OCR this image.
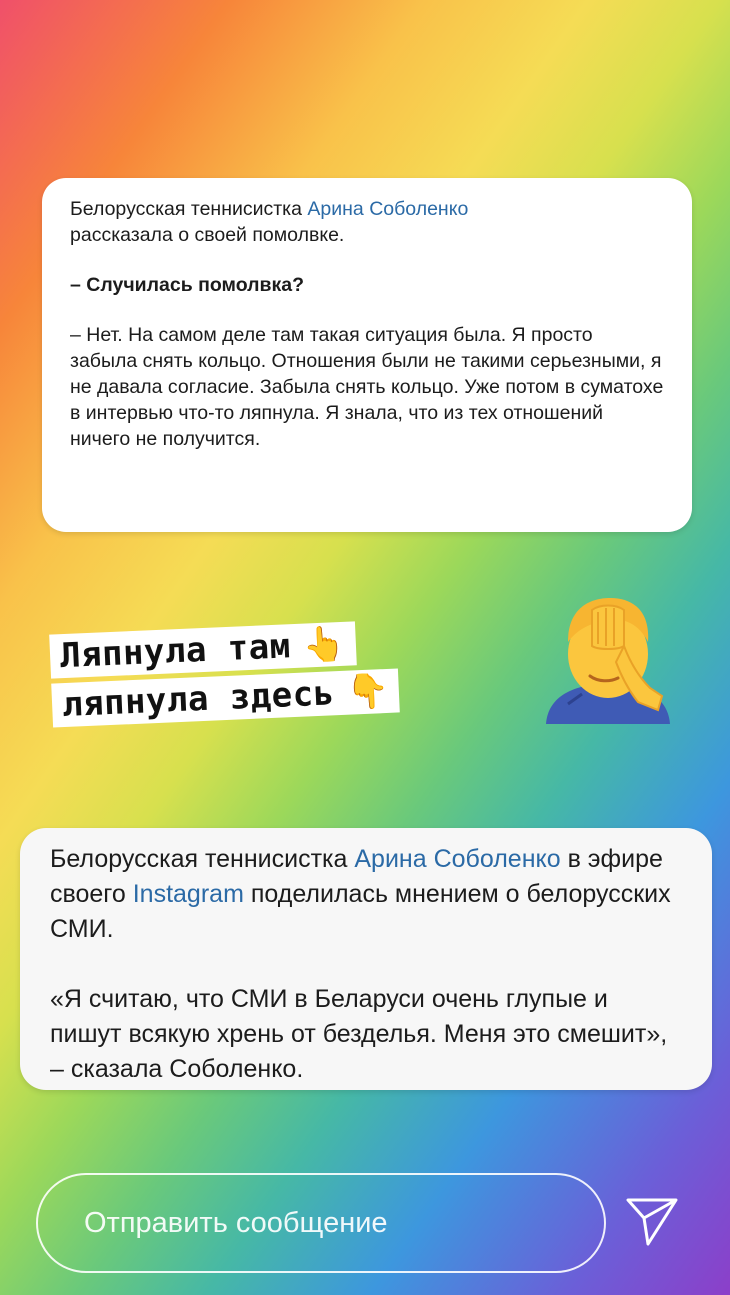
Белорусская теннисистка Арина Соболенко
рассказала о своей помолвке.

– Случилась помолвка?

– Нет. На самом деле там такая ситуация была. Я просто забыла снять кольцо. Отношения были не такими серьезными, я не давала согласие. Забыла снять кольцо. Уже потом в суматохе в интервью что-то ляпнула. Я знала, что из тех отношений ничего не получится.

Ляпнула там 👆
ляпнула здесь 👇

Белорусская теннисистка Арина Соболенко в эфире своего Instagram поделилась мнением о белорусских СМИ.

«Я считаю, что СМИ в Беларуси очень глупые и пишут всякую хрень от безделья. Меня это смешит», – сказала Соболенко.

Отправить сообщение
